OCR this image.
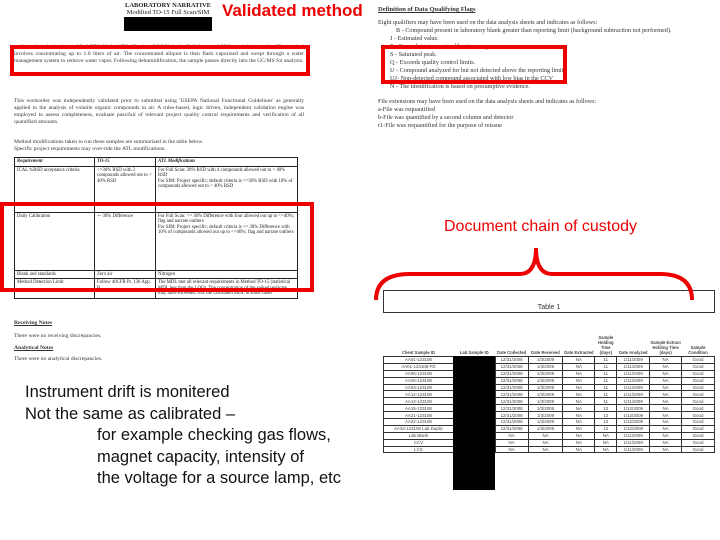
LABORATORY NARRATIVE
Modified TO-15 Full Scan/SIM
performed analysis via modified EPA Method TO-15 using GC/MS in the Full Scan and SIM acquisition modes. The method involves concentrating up to 1.0 liters of air. The concentrated aliquot is then flash vaporized and swept through a water management system to remove water vapor. Following dehumidification, the sample passes directly into the GC/MS for analysis.
This workorder was independently validated prior to submittal using 'USEPA National Functional Guidelines' as generally applied to the analysis of volatile organic compounds in air. A rules-based, logic driven, independent validation engine was employed to assess completeness, evaluate pass/fail of relevant project quality control requirements and verification of all quantified amounts.
Method modifications taken to run these samples are summarized in the table below. Specific project requirements may over-ride the ATL modifications.
Requirement	TO-15	ATL Modifications
ICAL %RSD acceptance criteria	<=30% RSD with 2 compounds allowed out to < 40% RSD	For Full Scan: 30% RSD with 4 compounds allowed out to < 40% RSD
For SIM: Project specific; default criteria is <=30% RSD with 10% of compounds allowed out to < 40% RSD
Daily Calibration	+- 30% Difference	For Full Scan: <= 30% Difference with four allowed out up to <=40%; flag and narrate outliers
For SIM: Project specific; default criteria is <= 30% Difference with 10% of compounds allowed out up to <=40%; flag and narrate outliers
Blank and standards	Zero air	Nitrogen
Method Detection Limit	Follow 40CFR Pt. 136 App. B	The MDL met all relevant requirements in Method TO-15 (statistical MDL less than the LOQ). The concentration of the spiked replicate may have exceeded 10X the calculated MDL in some cases
Receiving Notes
There were no receiving discrepancies.
Analytical Notes
There were no analytical discrepancies.
Definition of Data Qualifying Flags
Eight qualifiers may have been used on the data analysis sheets and indicates as follows:
B - Compound present in laboratory blank greater than reporting limit (background subtraction not performed).
J - Estimated value.
E - Exceeds instrument calibration range.
S - Saturated peak.
Q - Exceeds quality control limits.
U - Compound analyzed for but not detected above the reporting limit.
UJ- Non-detected compound associated with low bias in the CCV
N - The identification is based on presumptive evidence.
File extensions may have been used on the data analysis sheets and indicates as follows:
a-File was requantified
b-File was quantified by a second column and detector
r1-File was requantified for the purpose of reissue
Table 1								
Client Sample ID	Lab Sample ID	Date Collected	Date Received	Date Extracted	Sample Holding Time (days)	Date Analyzed	Sample Extract Holding Time (days)	Sample Condition
AA01-123108		12/31/2008	1/3/2009	NA	11	1/11/2009	NA	Good
AA01-123108-FD		12/31/2008	1/3/2009	NA	11	1/11/2009	NA	Good
AA06-123108		12/31/2008	1/3/2009	NA	11	1/11/2009	NA	Good
AA26-123108		12/31/2008	1/3/2009	NA	11	1/11/2009	NA	Good
AA03-123108		12/31/2008	1/3/2009	NA	11	1/11/2009	NA	Good
AA12-123108		12/31/2008	1/3/2009	NA	11	1/11/2009	NA	Good
AA13-123108		12/31/2008	1/3/2009	NA	11	1/11/2009	NA	Good
AA15-123108		12/31/2008	1/3/2009	NA	12	1/12/2009	NA	Good
AA21-123108		12/31/2008	1/3/2009	NA	12	1/12/2009	NA	Good
AA22-123108		12/31/2008	1/3/2009	NA	12	1/12/2009	NA	Good
AA33-123108 Lab Duplic		12/31/2008	1/3/2009	NA	12	1/12/2009	NA	Good
Lab Blank		NA	NA	NA	NA	1/11/2009	NA	Good
CCV		NA	NA	NA	NA	1/11/2009	NA	Good
LCS		NA	NA	NA	NA	1/11/2009	NA	Good
Validated method
Document chain of custody
Instrument drift is monitered
Not the same as calibrated –
for example checking gas flows,
magnet capacity, intensity of
the voltage for a source lamp, etc
